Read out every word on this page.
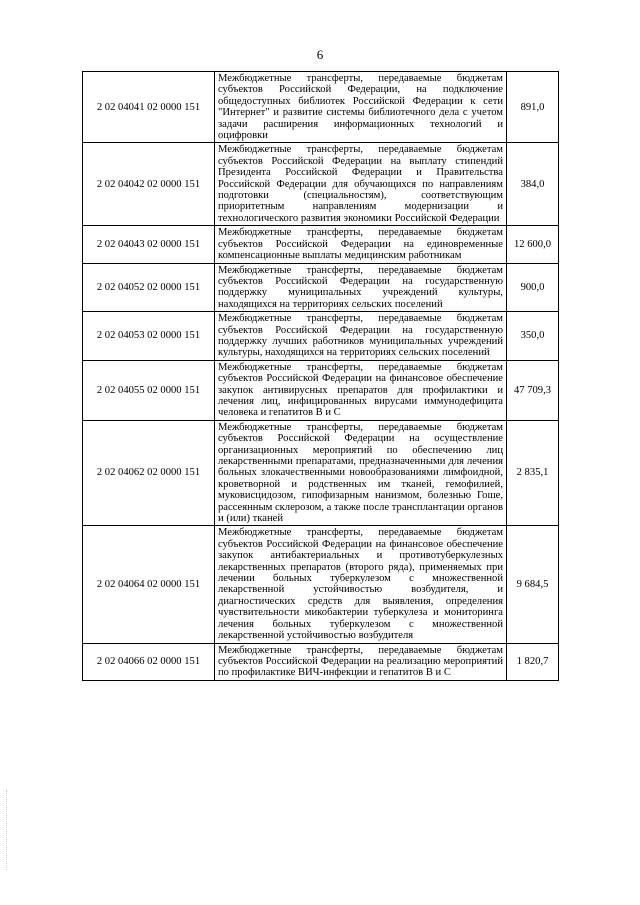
6
2 02 04041 02 0000 151	Межбюджетные трансферты, передаваемые бюджетам субъектов Российской Федерации, на подключение общедоступных библиотек Российской Федерации к сети "Интернет" и развитие системы библиотечного дела с учетом задачи расширения информационных технологий и оцифровки	891,0
2 02 04042 02 0000 151	Межбюджетные трансферты, передаваемые бюджетам субъектов Российской Федерации на выплату стипендий Президента Российской Федерации и Правительства Российской Федерации для обучающихся по направлениям подготовки (специальностям), соответствующим приоритетным направлениям модернизации и технологического развития экономики Российской Федерации	384,0
2 02 04043 02 0000 151	Межбюджетные трансферты, передаваемые бюджетам субъектов Российской Федерации на единовременные компенсационные выплаты медицинским работникам	12 600,0
2 02 04052 02 0000 151	Межбюджетные трансферты, передаваемые бюджетам субъектов Российской Федерации на государственную поддержку муниципальных учреждений культуры, находящихся на территориях сельских поселений	900,0
2 02 04053 02 0000 151	Межбюджетные трансферты, передаваемые бюджетам субъектов Российской Федерации на государственную поддержку лучших работников муниципальных учреждений культуры, находящихся на территориях сельских поселений	350,0
2 02 04055 02 0000 151	Межбюджетные трансферты, передаваемые бюджетам субъектов Российской Федерации на финансовое обеспечение закупок антивирусных препаратов для профилактики и лечения лиц, инфицированных вирусами иммунодефицита человека и гепатитов В и С	47 709,3
2 02 04062 02 0000 151	Межбюджетные трансферты, передаваемые бюджетам субъектов Российской Федерации на осуществление организационных мероприятий по обеспечению лиц лекарственными препаратами, предназначенными для лечения больных злокачественными новообразованиями лимфоидной, кроветворной и родственных им тканей, гемофилией, муковисцидозом, гипофизарным нанизмом, болезнью Гоше, рассеянным склерозом, а также после трансплантации органов и (или) тканей	2 835,1
2 02 04064 02 0000 151	Межбюджетные трансферты, передаваемые бюджетам субъектов Российской Федерации на финансовое обеспечение закупок антибактериальных и противотуберкулезных лекарственных препаратов (второго ряда), применяемых при лечении больных туберкулезом с множественной лекарственной устойчивостью возбудителя, и диагностических средств для выявления, определения чувствительности микобактерии туберкулеза и мониторинга лечения больных туберкулезом с множественной лекарственной устойчивостью возбудителя	9 684,5
2 02 04066 02 0000 151	Межбюджетные трансферты, передаваемые бюджетам субъектов Российской Федерации на реализацию мероприятий по профилактике ВИЧ-инфекции и гепатитов В и С	1 820,7
